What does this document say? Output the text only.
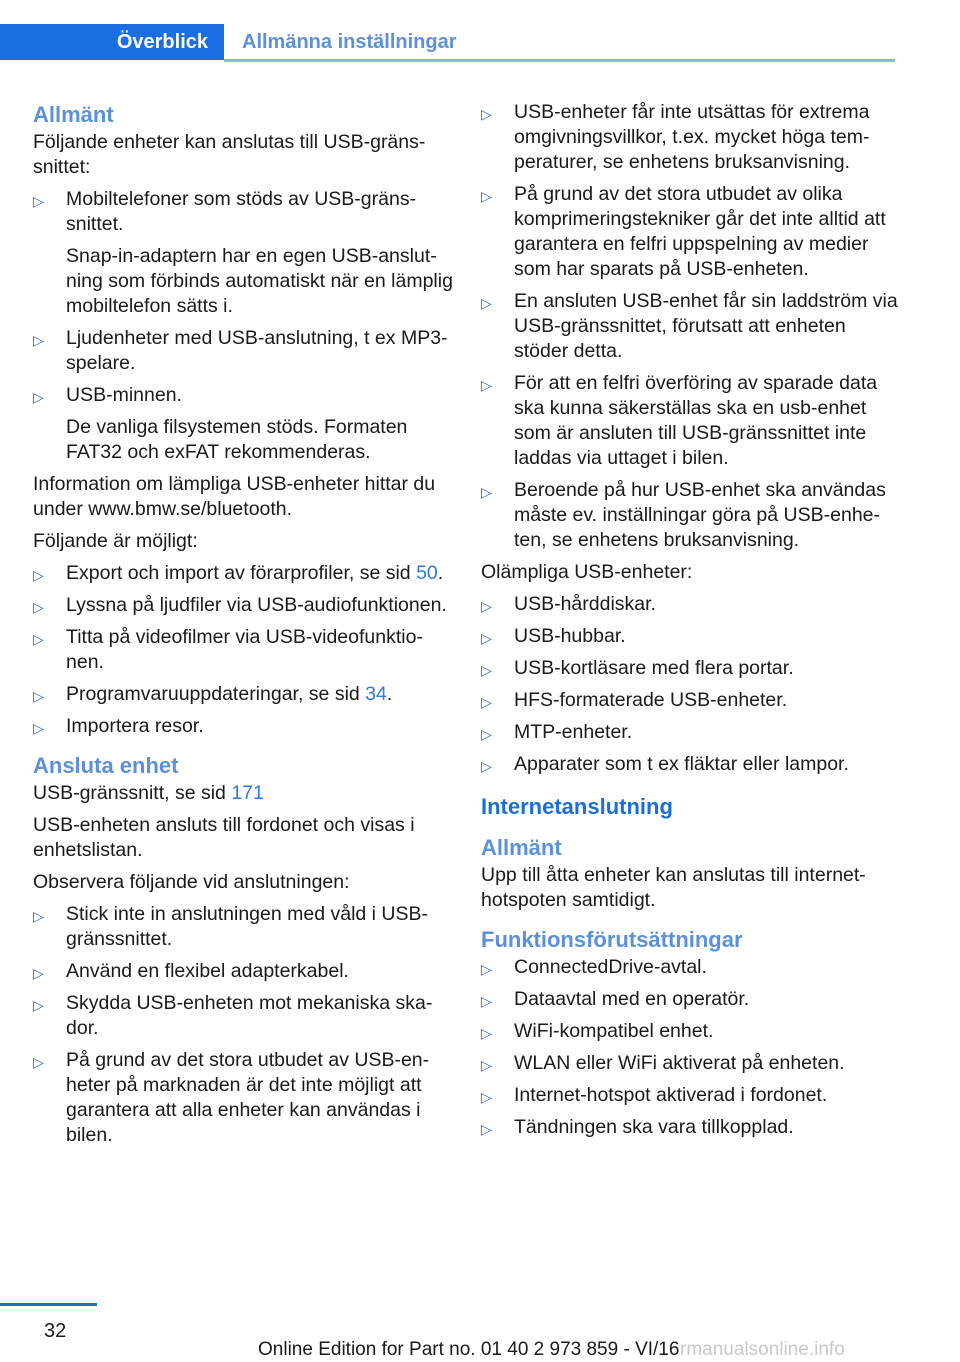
Överblick	Allmänna inställningar
Allmänt
Följande enheter kan anslutas till USB-gränssnittet:
▷ Mobiltelefoner som stöds av USB-gränssnittet.
Snap-in-adaptern har en egen USB-anslutning som förbinds automatiskt när en lämplig mobiltelefon sätts i.
▷ Ljudenheter med USB-anslutning, t ex MP3-spelare.
▷ USB-minnen.
De vanliga filsystemen stöds. Formaten FAT32 och exFAT rekommenderas.
Information om lämpliga USB-enheter hittar du under www.bmw.se/bluetooth.
Följande är möjligt:
▷ Export och import av förarprofiler, se sid 50.
▷ Lyssna på ljudfiler via USB-audiofunktionen.
▷ Titta på videofilmer via USB-videofunktionen.
▷ Programvaruuppdateringar, se sid 34.
▷ Importera resor.
Ansluta enhet
USB-gränssnitt, se sid 171
USB-enheten ansluts till fordonet och visas i enhetslistan.
Observera följande vid anslutningen:
▷ Stick inte in anslutningen med våld i USB-gränssnittet.
▷ Använd en flexibel adapterkabel.
▷ Skydda USB-enheten mot mekaniska skador.
▷ På grund av det stora utbudet av USB-enheter på marknaden är det inte möjligt att garantera att alla enheter kan användas i bilen.
▷ USB-enheter får inte utsättas för extrema omgivningsvillkor, t.ex. mycket höga temperaturer, se enhetens bruksanvisning.
▷ På grund av det stora utbudet av olika komprimeringstekniker går det inte alltid att garantera en felfri uppspelning av medier som har sparats på USB-enheten.
▷ En ansluten USB-enhet får sin laddström via USB-gränssnittet, förutsatt att enheten stöder detta.
▷ För att en felfri överföring av sparade data ska kunna säkerställas ska en usb-enhet som är ansluten till USB-gränssnittet inte laddas via uttaget i bilen.
▷ Beroende på hur USB-enhet ska användas måste ev. inställningar göra på USB-enheten, se enhetens bruksanvisning.
Olämpliga USB-enheter:
▷ USB-hårddiskar.
▷ USB-hubbar.
▷ USB-kortläsare med flera portar.
▷ HFS-formaterade USB-enheter.
▷ MTP-enheter.
▷ Apparater som t ex fläktar eller lampor.
Internetanslutning
Allmänt
Upp till åtta enheter kan anslutas till internet-hotspoten samtidigt.
Funktionsförutsättningar
▷ ConnectedDrive-avtal.
▷ Dataavtal med en operatör.
▷ WiFi-kompatibel enhet.
▷ WLAN eller WiFi aktiverat på enheten.
▷ Internet-hotspot aktiverad i fordonet.
▷ Tändningen ska vara tillkopplad.
32
Online Edition for Part no. 01 40 2 973 859 - VI/16 rmanualsonline.info
